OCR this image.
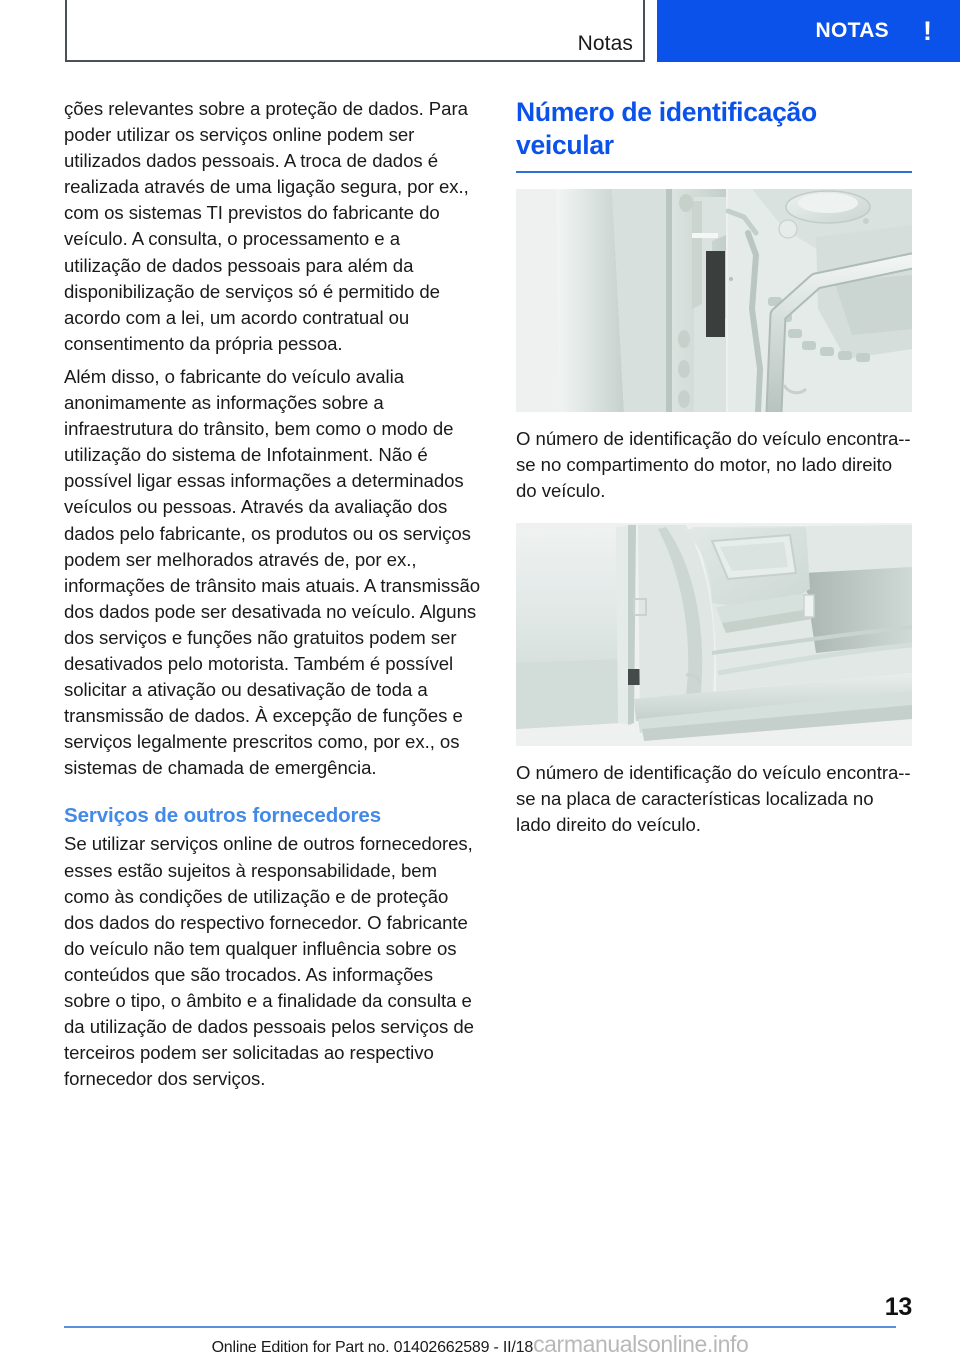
Notas
NOTAS !

ções relevantes sobre a proteção de dados. Para poder utilizar os serviços online podem ser utilizados dados pessoais. A troca de dados é realizada através de uma ligação segura, por ex., com os sistemas TI previstos do fabricante do veículo. A consulta, o processamento e a utilização de dados pessoais para além da disponibilização de serviços só é permitido de acordo com a lei, um acordo contratual ou consentimento da própria pessoa.

Além disso, o fabricante do veículo avalia anonimamente as informações sobre a infraestrutura do trânsito, bem como o modo de utilização do sistema de Infotainment. Não é possível ligar essas informações a determinados veículos ou pessoas. Através da avaliação dos dados pelo fabricante, os produtos ou os serviços podem ser melhorados através de, por ex., informações de trânsito mais atuais. A transmissão dos dados pode ser desativada no veículo. Alguns dos serviços e funções não gratuitos podem ser desativados pelo motorista. Também é possível solicitar a ativação ou desativação de toda a transmissão de dados. À excepção de funções e serviços legalmente prescritos como, por ex., os sistemas de chamada de emergência.

Serviços de outros fornecedores

Se utilizar serviços online de outros fornecedores, esses estão sujeitos à responsabilidade, bem como às condições de utilização e de proteção dos dados do respectivo fornecedor. O fabricante do veículo não tem qualquer influência sobre os conteúdos que são trocados. As informações sobre o tipo, o âmbito e a finalidade da consulta e da utilização de dados pessoais pelos serviços de terceiros podem ser solicitadas ao respectivo fornecedor dos serviços.

Número de identificação veicular

O número de identificação do veículo encontra--se no compartimento do motor, no lado direito do veículo.

O número de identificação do veículo encontra--se na placa de características localizada no lado direito do veículo.

13
Online Edition for Part no. 01402662589 - II/18carmanualsonline.info
